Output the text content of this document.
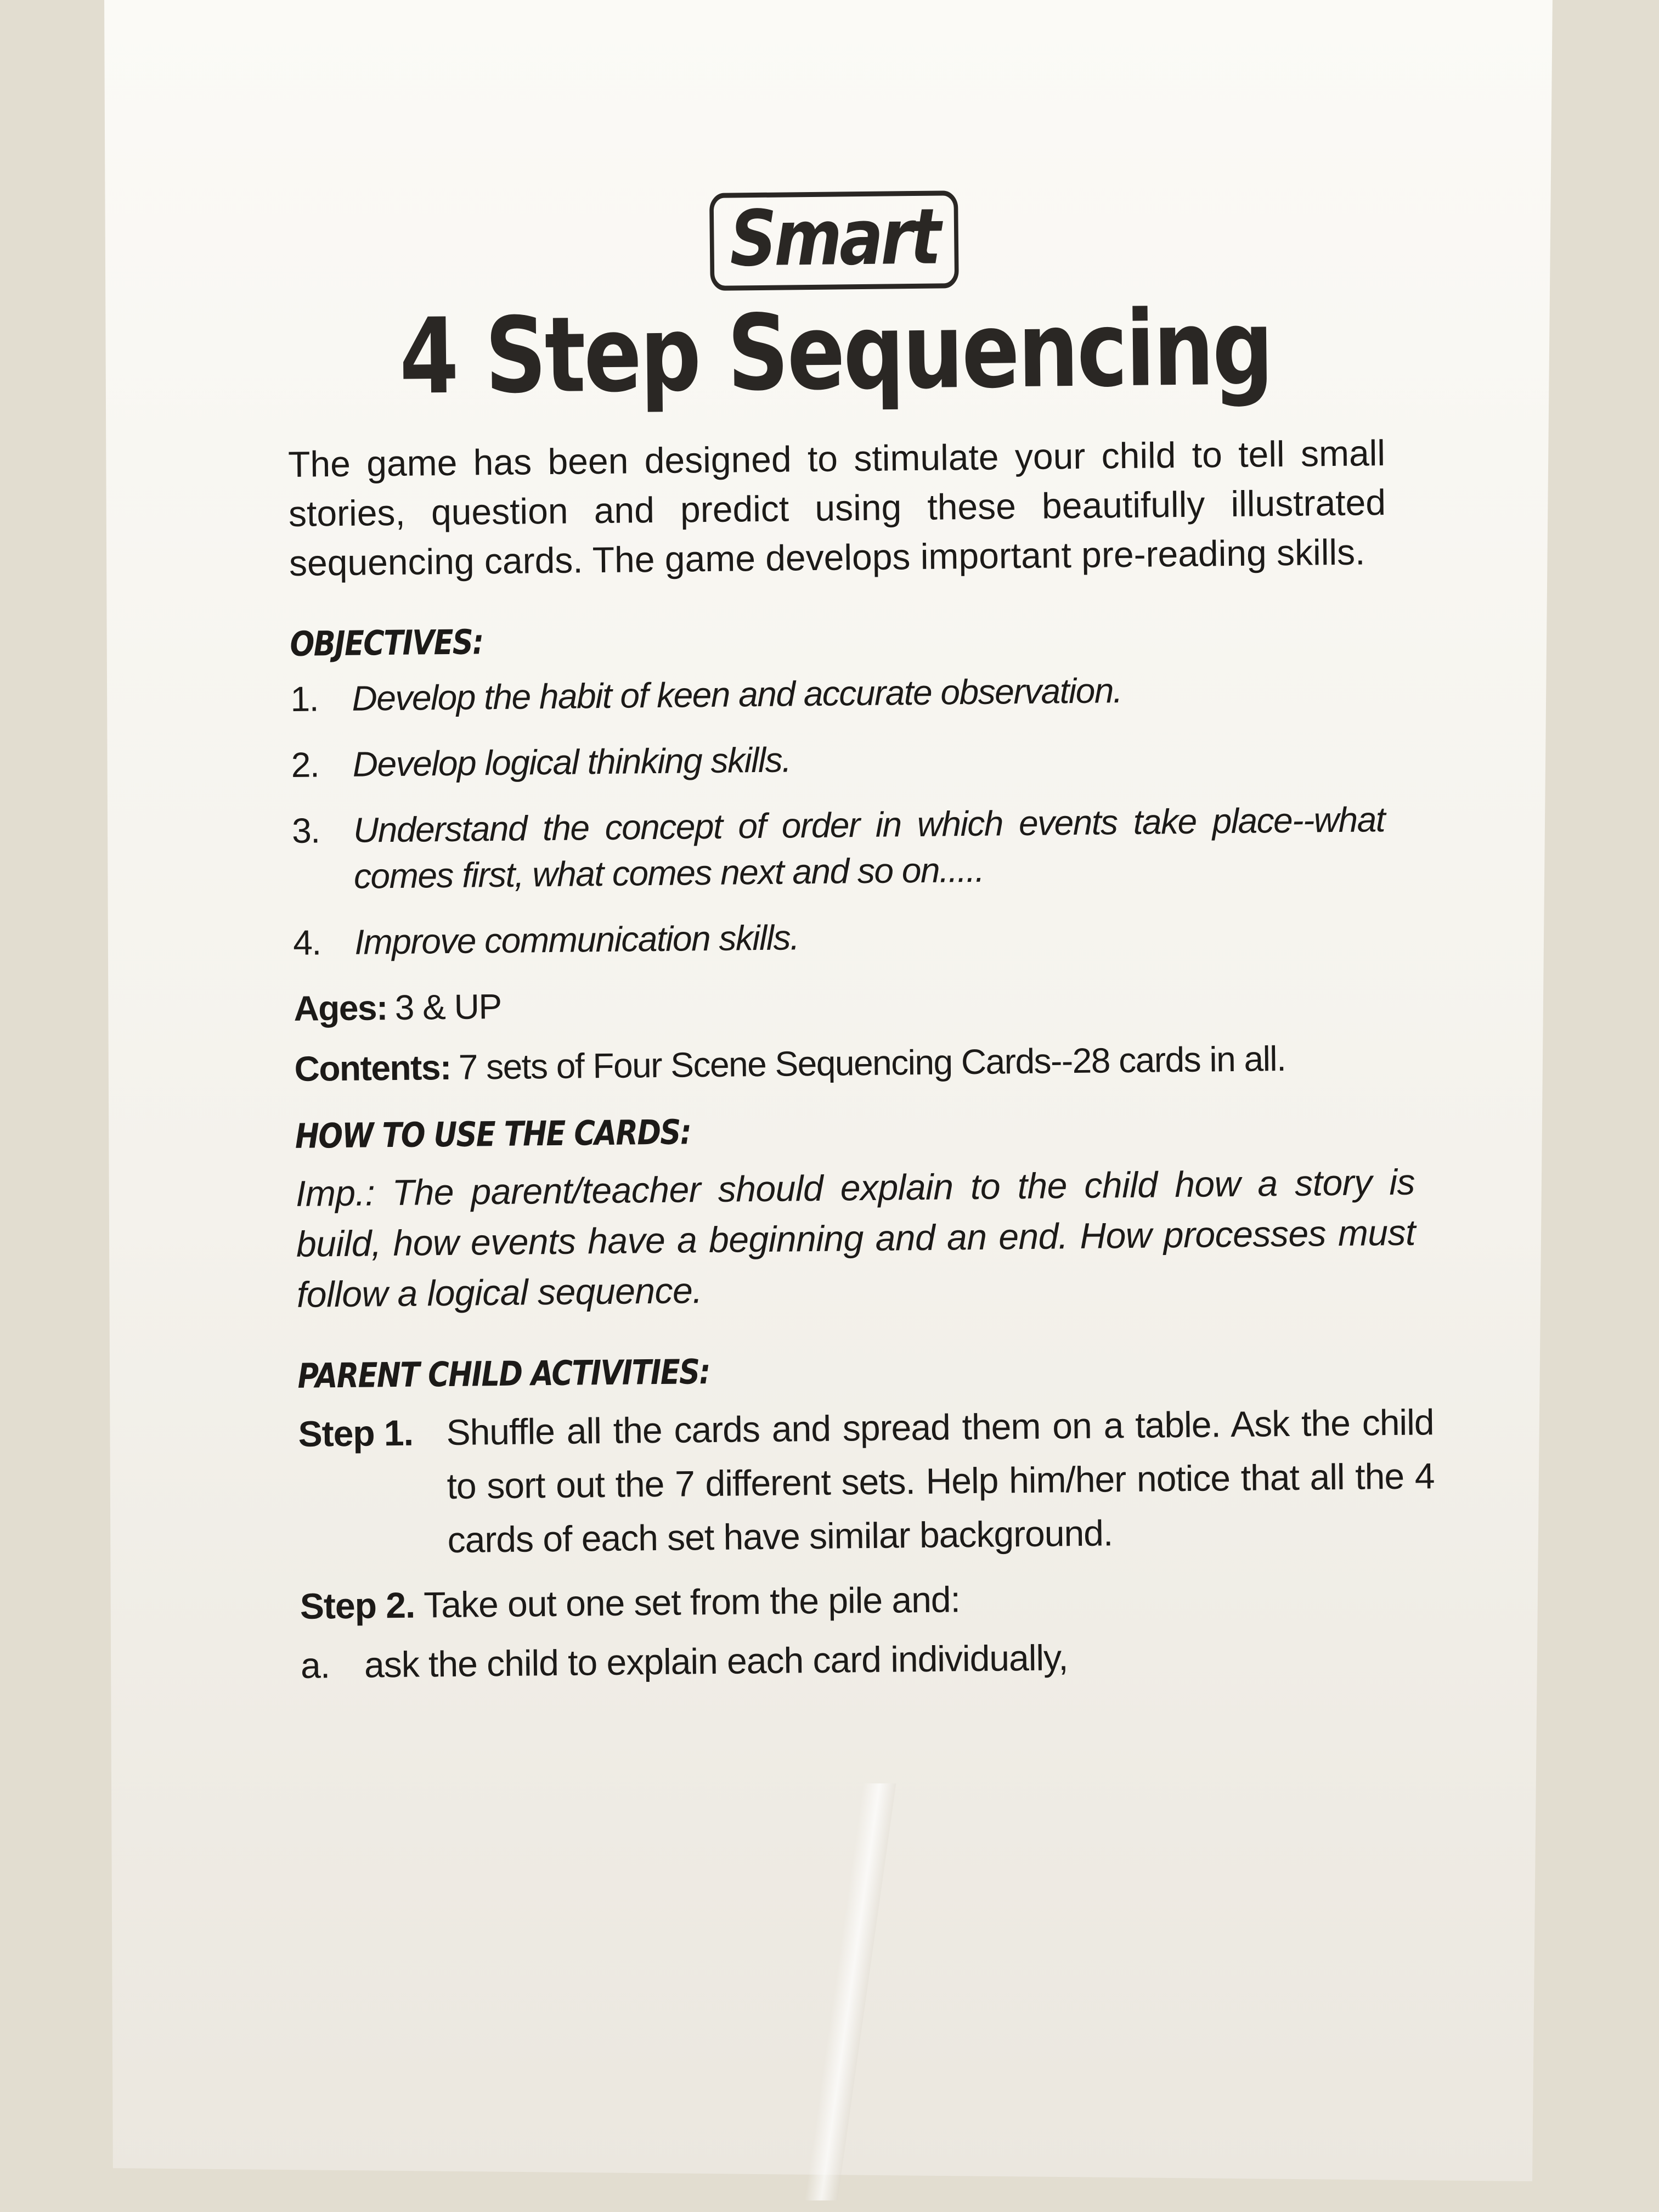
Smart
4 Step Sequencing

The game has been designed to stimulate your child to tell small stories, question and predict using these beautifully illustrated sequencing cards. The game develops important pre-reading skills.

OBJECTIVES:
1. Develop the habit of keen and accurate observation.
2. Develop logical thinking skills.
3. Understand the concept of order in which events take place--what comes first, what comes next and so on.....
4. Improve communication skills.
Ages: 3 & UP
Contents: 7 sets of Four Scene Sequencing Cards--28 cards in all.
HOW TO USE THE CARDS:

Imp.: The parent/teacher should explain to the child how a story is build, how events have a beginning and an end. How processes must follow a logical sequence.

PARENT CHILD ACTIVITIES:
Step 1. Shuffle all the cards and spread them on a table. Ask the child to sort out the 7 different sets. Help him/her notice that all the 4 cards of each set have similar background.
Step 2. Take out one set from the pile and:
a. ask the child to explain each card individually,
